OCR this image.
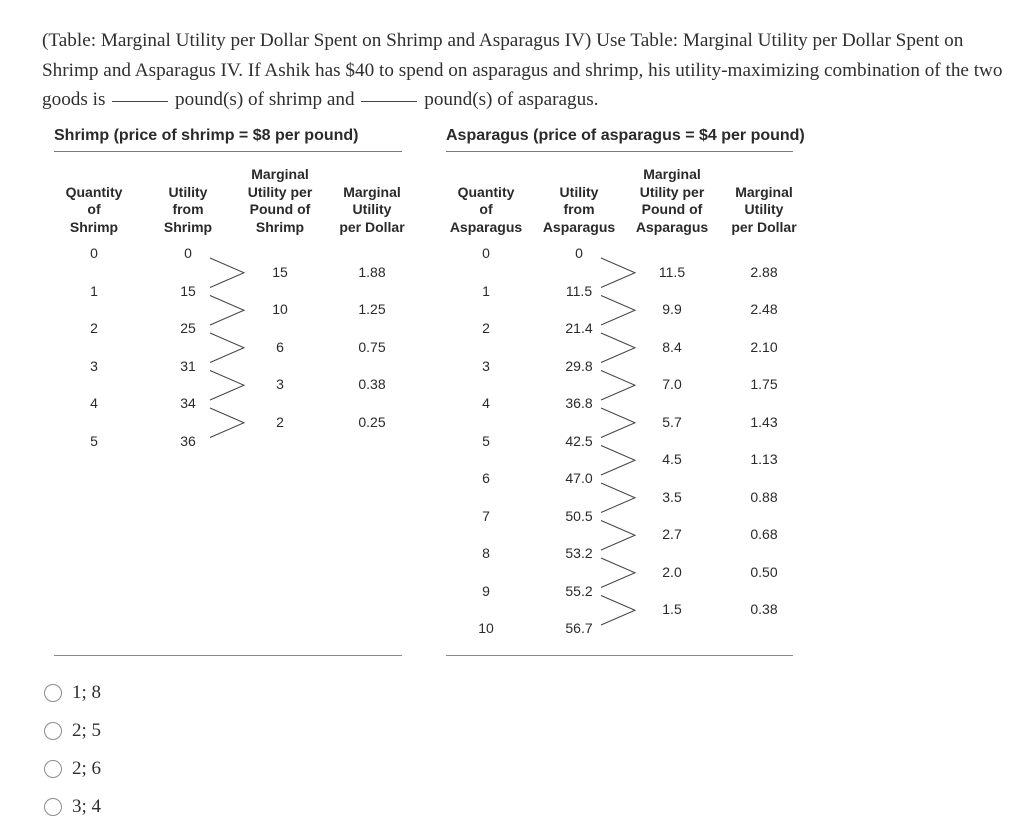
(Table: Marginal Utility per Dollar Spent on Shrimp and Asparagus IV) Use Table: Marginal Utility per Dollar Spent on Shrimp and Asparagus IV. If Ashik has $40 to spend on asparagus and shrimp, his utility-maximizing combination of the two goods is	pound(s) of shrimp and	pound(s) of asparagus.
Shrimp (price of shrimp = $8 per pound)
Quantity
of
Shrimp
Utility
from
Shrimp
Marginal
Utility per
Pound of
Shrimp
Marginal
Utility
per Dollar
0
1
2
3
4
5
0
15
25
31
34
36
15
10
6
3
2
1.88
1.25
0.75
0.38
0.25
Asparagus (price of asparagus = $4 per pound)
Quantity
of
Asparagus
Utility
from
Asparagus
Marginal
Utility per
Pound of
Asparagus
Marginal
Utility
per Dollar
0
1
2
3
4
5
6
7
8
9
10
0
11.5
21.4
29.8
36.8
42.5
47.0
50.5
53.2
55.2
56.7
11.5
9.9
8.4
7.0
5.7
4.5
3.5
2.7
2.0
1.5
2.88
2.48
2.10
1.75
1.43
1.13
0.88
0.68
0.50
0.38
1; 8
2; 5
2; 6
3; 4
